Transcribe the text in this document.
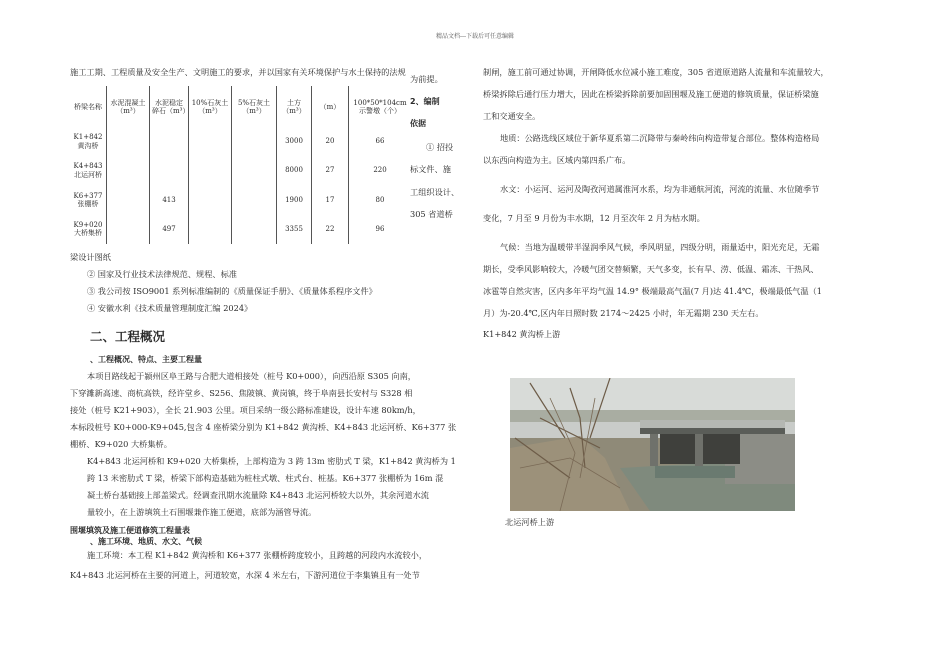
精品文档---下载后可任意编辑

施工工期、工程质量及安全生产、文明施工的要求，并以国家有关环境保护与水土保持的法规

桥梁名称	水泥混凝土（m³）	水泥稳定碎石（m³）	10%石灰土（m³）	5%石灰土（m³）	土方（m³）	（m）	100*50*104cm示警墩（个）
K1+842黄沟桥					3000	20	66
K4+843北运河桥					8000	27	220
K6+377张棚桥		413			1900	17	80
K9+020大桥集桥		497			3355	22	96

梁设计图纸

② 国家及行业技术法律规范、规程、标准

③ 我公司按 ISO9001 系列标准编制的《质量保证手册》、《质量体系程序文件》

④ 安徽水利《技术质量管理制度汇编 2024》

二、工程概况

、工程概况、特点、主要工程量

本项目路线起于颍州区阜王路与合肥大道相接处（桩号 K0+000），向西沿原 S305 向南，

下穿濉新高速、商杭高铁，经许堂乡、S256、焦陂镇、黄岗镇，终于阜南县长安村与 S328 相

接处（桩号 K21+903），全长 21.903 公里。项目采纳一级公路标准建设，设计车速 80km/h，

本标段桩号 K0+000-K9+045,包含 4 座桥梁分别为 K1+842 黄沟桥、K4+843 北运河桥、K6+377 张

棚桥、K9+020 大桥集桥。

K4+843 北运河桥和 K9+020 大桥集桥，上部构造为 3 跨 13m 密肋式 T 梁，K1+842 黄沟桥为 1

跨 13 米密肋式 T 梁，桥梁下部构造基础为桩柱式墩、柱式台、桩基。K6+377 张棚桥为 16m 混

凝土桥台基础接上部盖梁式。经调查汛期水流量除 K4+843 北运河桥较大以外，其余河道水流

量较小，在上游填筑土石围堰兼作施工便道，底部为涵管导流。

围堰填筑及施工便道修筑工程量表

、施工环境、地质、水文、气候

施工环境：本工程 K1+842 黄沟桥和 K6+377 张棚桥跨度较小，且跨越的河段内水流较小，

K4+843 北运河桥在主要的河道上，河道较宽，水深 4 米左右，下游河道位于李集镇且有一处节

为前提。
2、编制
依据
① 招投
标文件、施
工组织设计、
305 省道桥

制闸，施工前可通过协调，开闸降低水位减小施工难度，305 省道原道路人流量和车流量较大，

桥梁拆除后通行压力增大，因此在桥梁拆除前要加固围堰及施工便道的修筑质量，保证桥梁施

工和交通安全。

地质：公路选线区域位于新华夏系第二沉降带与秦岭纬向构造带复合部位。整体构造格局

以东西向构造为主。区域内第四系广布。

水文：小运河、运河及陶孜河道属淮河水系，均为非通航河流，河流的流量、水位随季节

变化，7 月至 9 月份为丰水期，12 月至次年 2 月为枯水期。

气候：当地为温暖带半湿润季风气候，季风明显，四级分明，雨量适中，阳光充足，无霜

期长，受季风影响较大，冷暖气团交替频繁，天气多变，长有旱、涝、低温、霜冻、干热风、

冰雹等自然灾害，区内多年平均气温 14.9° 极端最高气温(7 月)达 41.4℃，极端最低气温（1

月）为-20.4℃,区内年日照时数 2174～2425 小时，年无霜期 230 天左右。

K1+842 黄沟桥上游

北运河桥上游
